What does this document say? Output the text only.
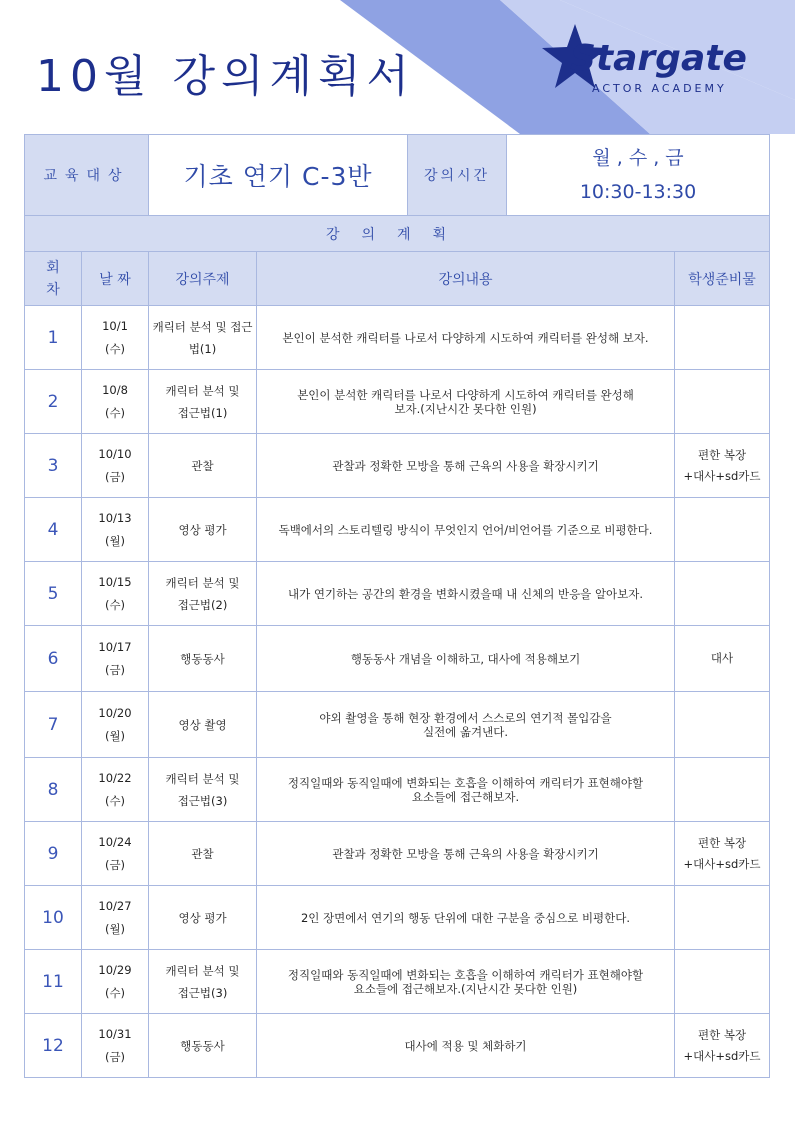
10월 강의계획서	Stargate
ACTOR ACADEMY
교육대상		기초 연기 C-3반 강의시간
월 , 수 , 금
10:30-13:30		

강의계획				
회
차	날 짜	강의주제	강의내용	학생준비물
1	10/1
(수)	캐릭터 분석 및 접근
법(1)	본인이 분석한 캐릭터를 나로서 다양하게 시도하여 캐릭터를 완성해 보자.	
2	10/8
(수)	캐릭터 분석 및
접근법(1)	본인이 분석한 캐릭터를 나로서 다양하게 시도하여 캐릭터를 완성해
보자.(지난시간 못다한 인원)	
3	10/10
(금)	관찰	관찰과 정확한 모방을 통해 근육의 사용을 확장시키기	편한 복장
+대사+sd카드
4	10/13
(월)	영상 평가	독백에서의 스토리텔링 방식이 무엇인지 언어/비언어를 기준으로 비평한다.	
5	10/15
(수)	캐릭터 분석 및
접근법(2)	내가 연기하는 공간의 환경을 변화시켰을때 내 신체의 반응을 알아보자.	
6	10/17
(금)	행동동사	행동동사 개념을 이해하고, 대사에 적용해보기	대사
7	10/20
(월)	영상 촬영	야외 촬영을 통해 현장 환경에서 스스로의 연기적 몰입감을
실전에 옮겨낸다.	
8	10/22
(수)	캐릭터 분석 및
접근법(3)	정직일때와 동직일때에 변화되는 호흡을 이해하여 캐릭터가 표현해야할
요소들에 접근해보자.	
9	10/24
(금)	관찰	관찰과 정확한 모방을 통해 근육의 사용을 확장시키기	편한 복장
+대사+sd카드
10	10/27
(월)	영상 평가	2인 장면에서 연기의 행동 단위에 대한 구분을 중심으로 비평한다.	
11	10/29
(수)	캐릭터 분석 및
접근법(3)	정직일때와 동직일때에 변화되는 호흡을 이해하여 캐릭터가 표현해야할
요소들에 접근해보자.(지난시간 못다한 인원)	
12	10/31
(금)	행동동사	대사에 적용 및 체화하기	편한 복장
+대사+sd카드
